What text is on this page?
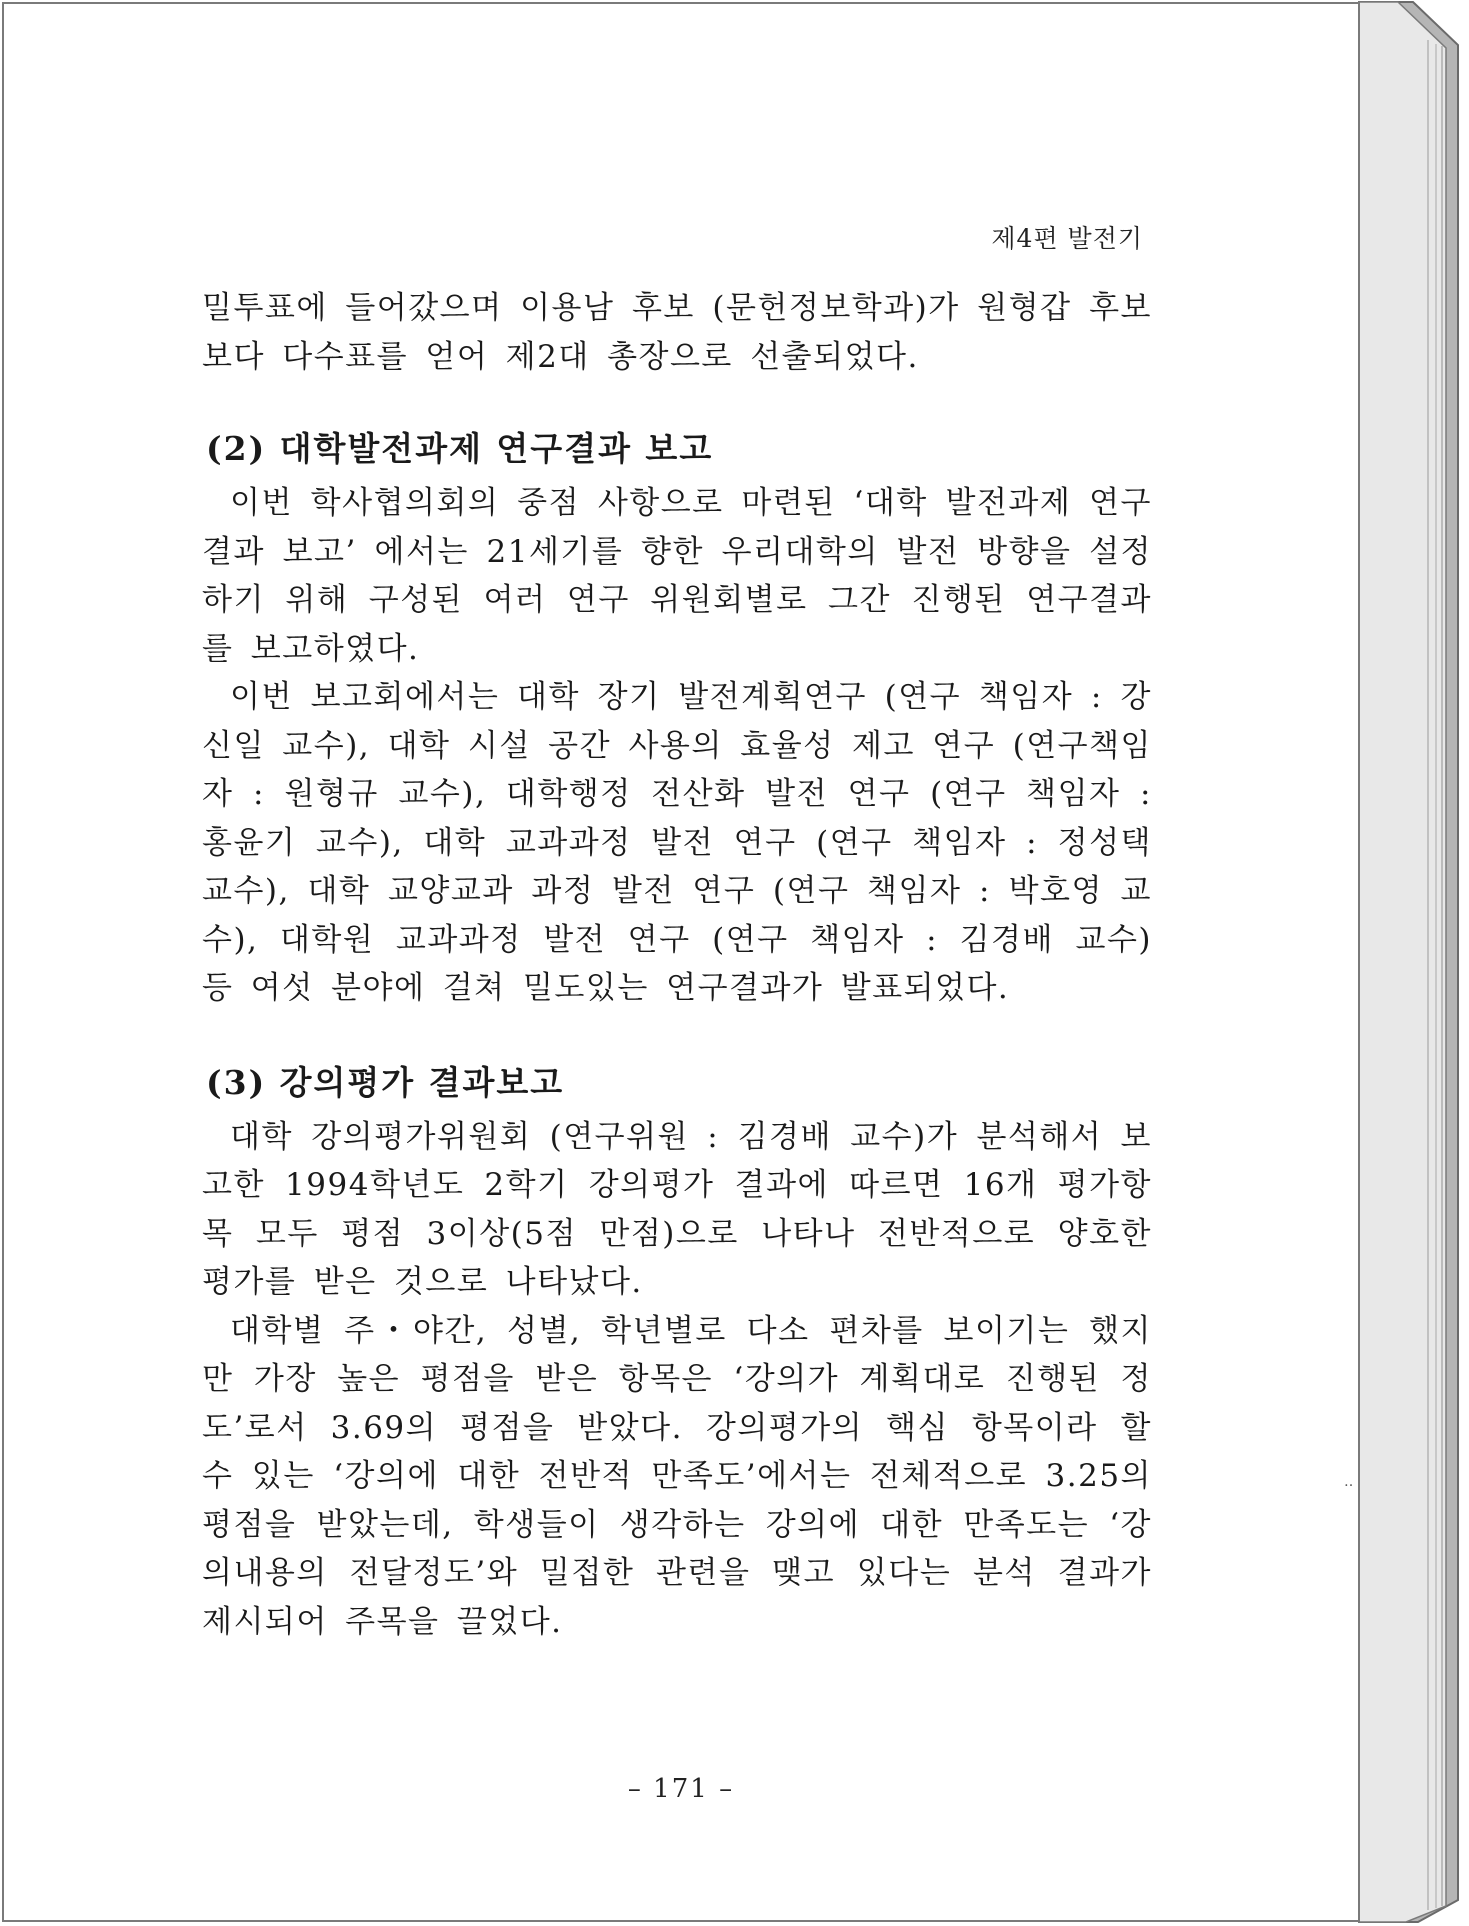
제4편 발전기

밀투표에 들어갔으며 이용남 후보 (문헌정보학과)가 원형갑 후보보다 다수표를 얻어 제2대 총장으로 선출되었다.

(2) 대학발전과제 연구결과 보고

이번 학사협의회의 중점 사항으로 마련된 ‘대학 발전과제 연구결과 보고’ 에서는 21세기를 향한 우리대학의 발전 방향을 설정하기 위해 구성된 여러 연구 위원회별로 그간 진행된 연구결과를 보고하였다.

이번 보고회에서는 대학 장기 발전계획연구 (연구 책임자 : 강신일 교수), 대학 시설 공간 사용의 효율성 제고 연구 (연구책임자 : 원형규 교수), 대학행정 전산화 발전 연구 (연구 책임자 : 홍윤기 교수), 대학 교과과정 발전 연구 (연구 책임자 : 정성택 교수), 대학 교양교과 과정 발전 연구 (연구 책임자 : 박호영 교수), 대학원 교과과정 발전 연구 (연구 책임자 : 김경배 교수) 등 여섯 분야에 걸쳐 밀도있는 연구결과가 발표되었다.

(3) 강의평가 결과보고

대학 강의평가위원회 (연구위원 : 김경배 교수)가 분석해서 보고한 1994학년도 2학기 강의평가 결과에 따르면 16개 평가항목 모두 평점 3이상(5점 만점)으로 나타나 전반적으로 양호한 평가를 받은 것으로 나타났다.

대학별 주・야간, 성별, 학년별로 다소 편차를 보이기는 했지만 가장 높은 평점을 받은 항목은 ‘강의가 계획대로 진행된 정도’로서 3.69의 평점을 받았다. 강의평가의 핵심 항목이라 할 수 있는 ‘강의에 대한 전반적 만족도’에서는 전체적으로 3.25의 평점을 받았는데, 학생들이 생각하는 강의에 대한 만족도는 ‘강의내용의 전달정도’와 밀접한 관련을 맺고 있다는 분석 결과가 제시되어 주목을 끌었다.

‥
– 171 –
